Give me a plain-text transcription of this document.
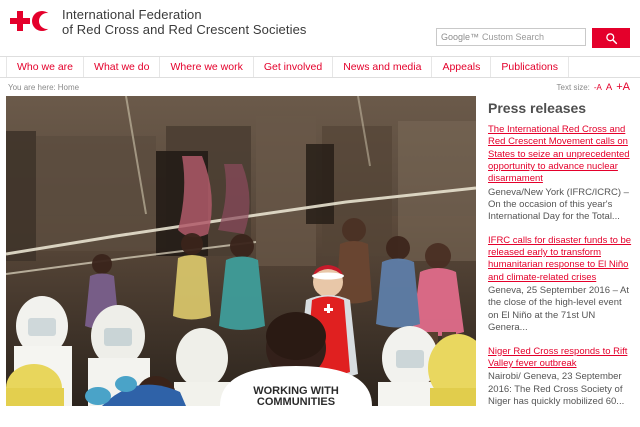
International Federation
of Red Cross and Red Crescent Societies
Google™ Custom Search
Who we are	What we do	Where we work	Get involved	News and media	Appeals	Publications
You are here: Home	Text size: -A A +A
WORKING WITH
COMMUNITIES
Press releases
The International Red Cross and Red Crescent Movement calls on States to seize an unprecedented opportunity to advance nuclear disarmament
Geneva/New York (IFRC/ICRC) – On the occasion of this year's International Day for the Total...
IFRC calls for disaster funds to be released early to transform humanitarian response to El Niño and climate-related crises
Geneva, 25 September 2016 – At the close of the high-level event on El Niño at the 71st UN Genera...
Niger Red Cross responds to Rift Valley fever outbreak
Nairobi/ Geneva, 23 September 2016: The Red Cross Society of Niger has quickly mobilized 60...
